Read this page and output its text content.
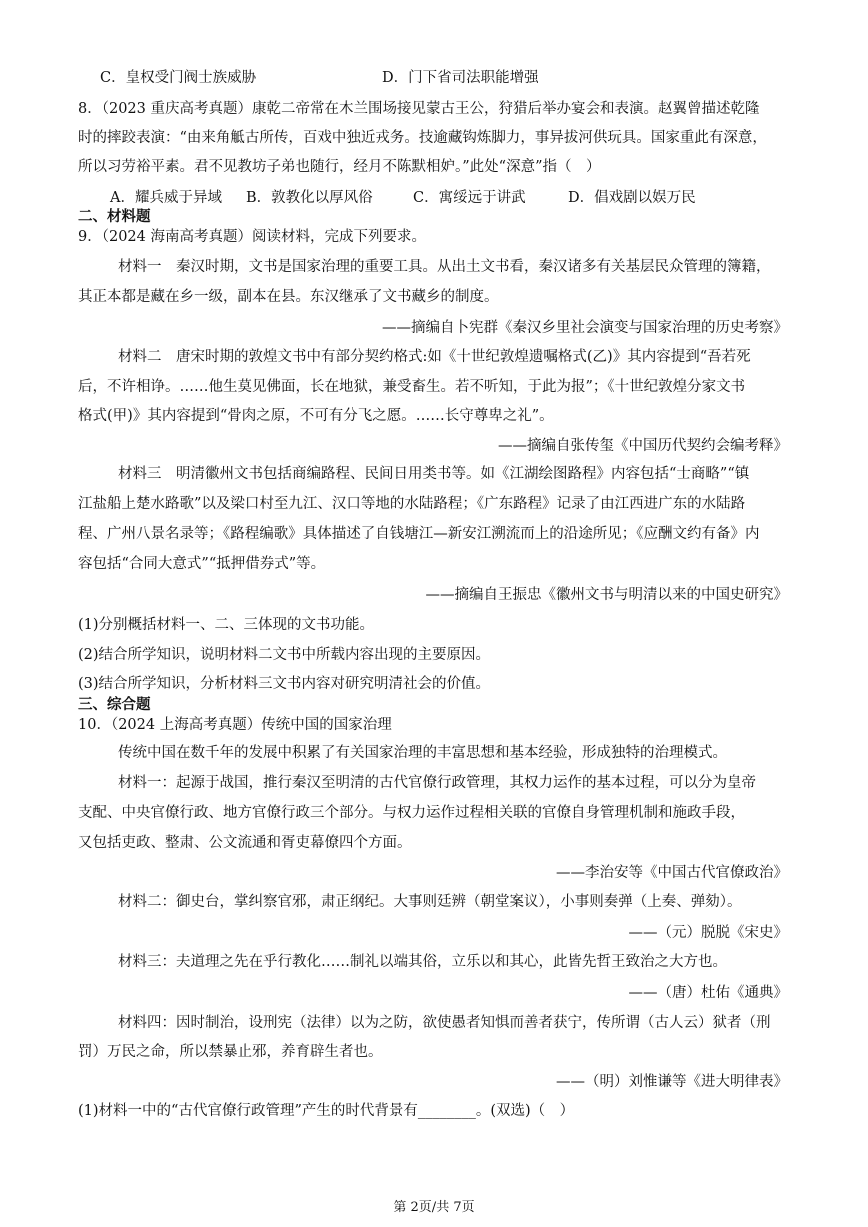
C．皇权受门阀士族威胁	D．门下省司法职能增强
8．（2023 重庆高考真题）康乾二帝常在木兰围场接见蒙古王公，狩猎后举办宴会和表演。赵翼曾描述乾隆
时的摔跤表演：“由来角觝古所传，百戏中独近戎务。技逾藏钩炼脚力，事异拔河供玩具。国家重此有深意，
所以习劳裕平素。君不见教坊子弟也随行，经月不陈默相妒。”此处“深意”指（　）
A．耀兵威于异域 B．敦教化以厚风俗	C．寓绥远于讲武	D．倡戏剧以娱万民
二、材料题
9．（2024 海南高考真题）阅读材料，完成下列要求。
材料一　秦汉时期，文书是国家治理的重要工具。从出土文书看，秦汉诸多有关基层民众管理的簿籍，
其正本都是藏在乡一级，副本在县。东汉继承了文书藏乡的制度。
——摘编自卜宪群《秦汉乡里社会演变与国家治理的历史考察》
材料二　唐宋时期的敦煌文书中有部分契约格式:如《十世纪敦煌遗嘱格式(乙)》其内容提到“吾若死
后，不许相诤。……他生莫见佛面，长在地狱，兼受畜生。若不听知，于此为报”；《十世纪敦煌分家文书
格式(甲)》其内容提到“骨肉之原，不可有分飞之愿。……长守尊卑之礼”。
——摘编自张传玺《中国历代契约会编考释》
材料三　明清徽州文书包括商编路程、民间日用类书等。如《江湖绘图路程》内容包括“士商略”“镇
江盐船上楚水路歌”以及梁口村至九江、汉口等地的水陆路程；《广东路程》记录了由江西进广东的水陆路
程、广州八景名录等；《路程编歌》具体描述了自钱塘江—新安江溯流而上的沿途所见；《应酬文约有备》内
容包括“合同大意式”“抵押借券式”等。
——摘编自王振忠《徽州文书与明清以来的中国史研究》
(1)分别概括材料一、二、三体现的文书功能。
(2)结合所学知识，说明材料二文书中所载内容出现的主要原因。
(3)结合所学知识，分析材料三文书内容对研究明清社会的价值。
三、综合题
10．（2024 上海高考真题）传统中国的国家治理
传统中国在数千年的发展中积累了有关国家治理的丰富思想和基本经验，形成独特的治理模式。
材料一：起源于战国，推行秦汉至明清的古代官僚行政管理，其权力运作的基本过程，可以分为皇帝
支配、中央官僚行政、地方官僚行政三个部分。与权力运作过程相关联的官僚自身管理机制和施政手段，
又包括吏政、整肃、公文流通和胥吏幕僚四个方面。
——李治安等《中国古代官僚政治》
材料二：御史台，掌纠察官邪，肃正纲纪。大事则廷辨（朝堂案议），小事则奏弹（上奏、弹劾）。
——（元）脱脱《宋史》
材料三：夫道理之先在乎行教化……制礼以端其俗，立乐以和其心，此皆先哲王致治之大方也。
——（唐）杜佑《通典》
材料四：因时制治，设刑宪（法律）以为之防，欲使愚者知惧而善者获宁，传所谓（古人云）狱者（刑
罚）万民之命，所以禁暴止邪，养育辟生者也。
——（明）刘惟谦等《进大明律表》
(1)材料一中的“古代官僚行政管理”产生的时代背景有________。(双选)（　）
第 2页/共 7页
